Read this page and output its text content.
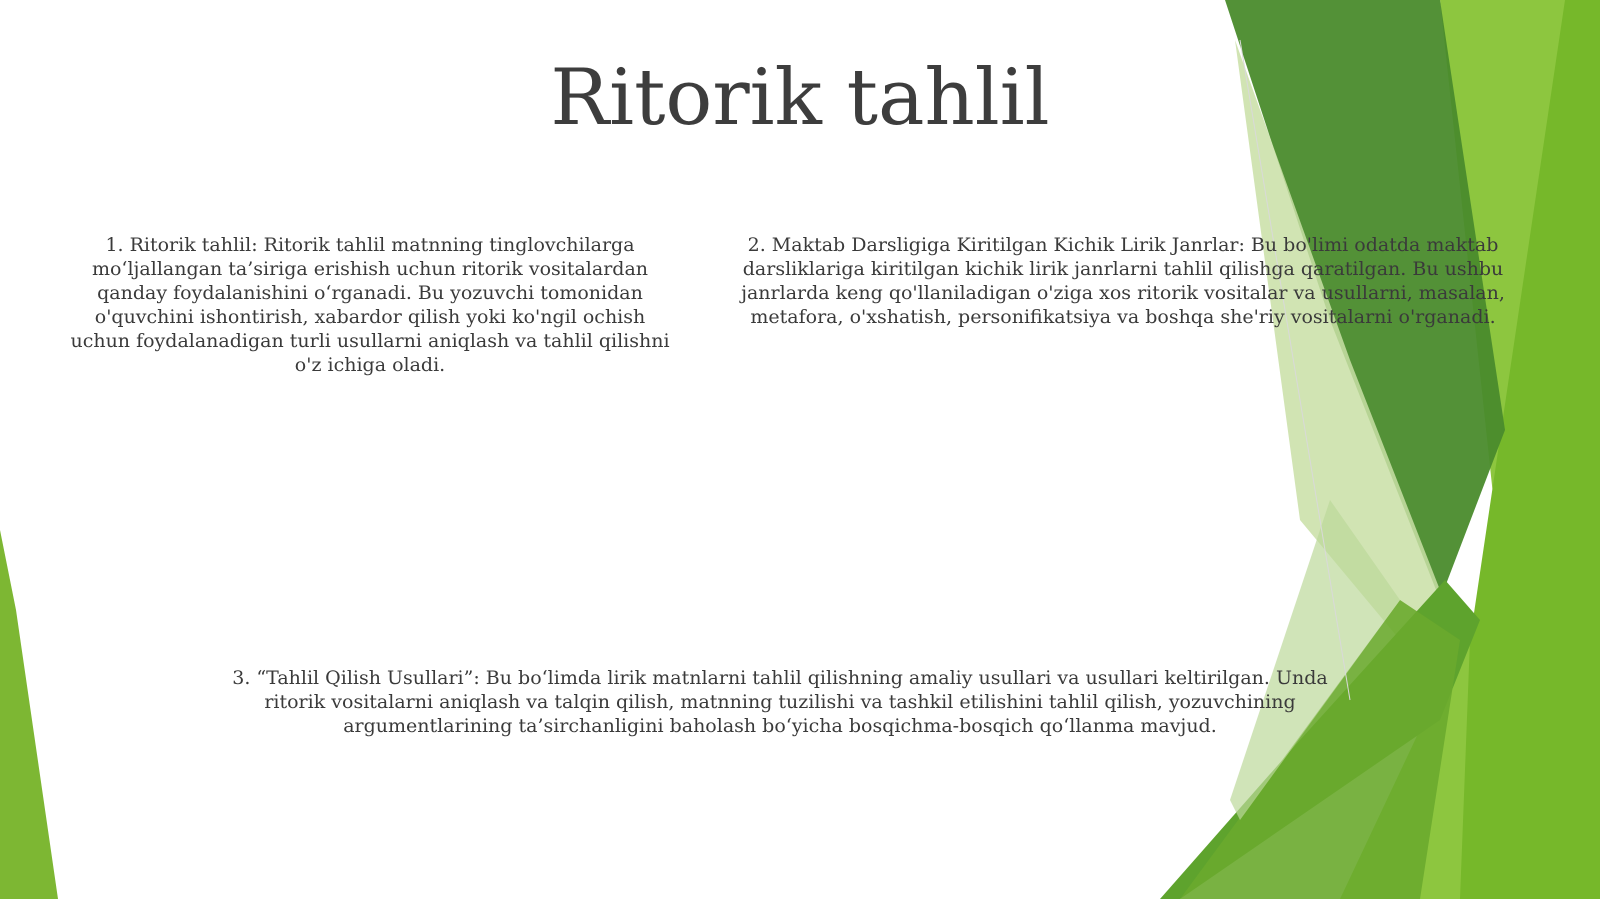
Ritorik tahlil

1. Ritorik tahlil: Ritorik tahlil matnning tinglovchilarga mo‘ljallangan ta’siriga erishish uchun ritorik vositalardan qanday foydalanishini o‘rganadi. Bu yozuvchi tomonidan o'quvchini ishontirish, xabardor qilish yoki ko'ngil ochish uchun foydalanadigan turli usullarni aniqlash va tahlil qilishni o'z ichiga oladi.

2. Maktab Darsligiga Kiritilgan Kichik Lirik Janrlar: Bu bo'limi odatda maktab darsliklariga kiritilgan kichik lirik janrlarni tahlil qilishga qaratilgan. Bu ushbu janrlarda keng qo'llaniladigan o'ziga xos ritorik vositalar va usullarni, masalan, metafora, o'xshatish, personifikatsiya va boshqa she'riy vositalarni o'rganadi.

3. “Tahlil Qilish Usullari”: Bu bo‘limda lirik matnlarni tahlil qilishning amaliy usullari va usullari keltirilgan. Unda ritorik vositalarni aniqlash va talqin qilish, matnning tuzilishi va tashkil etilishini tahlil qilish, yozuvchining argumentlarining ta’sirchanligini baholash bo‘yicha bosqichma-bosqich qo‘llanma mavjud.
